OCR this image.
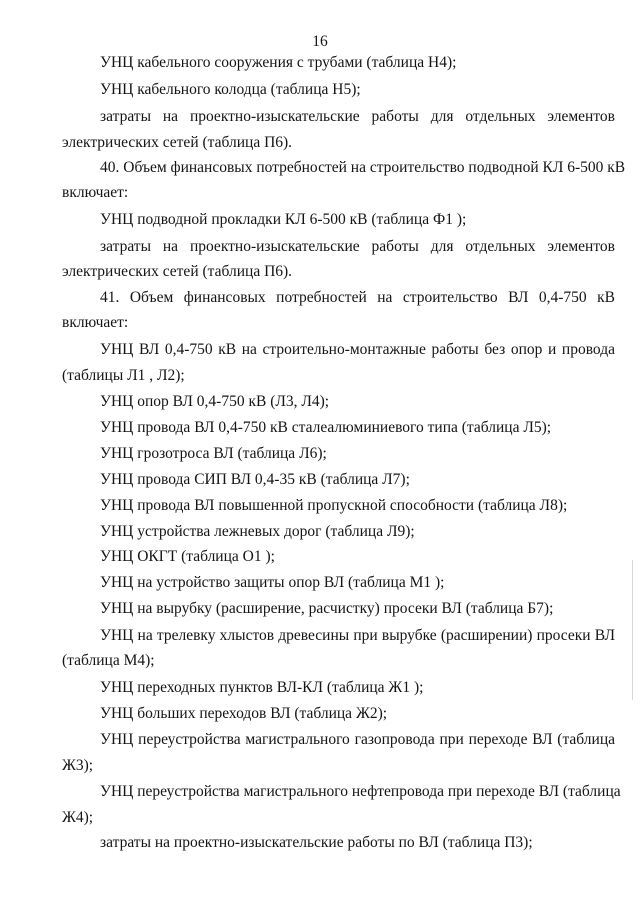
16
УНЦ кабельного сооружения с трубами (таблица Н4);
УНЦ кабельного колодца (таблица Н5);
затраты на проектно-изыскательские работы для отдельных элементов
электрических сетей (таблица П6).
40. Объем финансовых потребностей на строительство подводной КЛ 6-500 кВ
включает:
УНЦ подводной прокладки КЛ 6-500 кВ (таблица Ф1 );
затраты на проектно-изыскательские работы для отдельных элементов
электрических сетей (таблица П6).
41. Объем финансовых потребностей на строительство ВЛ 0,4-750 кВ
включает:
УНЦ ВЛ 0,4-750 кВ на строительно-монтажные работы без опор и провода
(таблицы Л1 , Л2);
УНЦ опор ВЛ 0,4-750 кВ (Л3, Л4);
УНЦ провода ВЛ 0,4-750 кВ сталеалюминиевого типа (таблица Л5);
УНЦ грозотроса ВЛ (таблица Л6);
УНЦ провода СИП ВЛ 0,4-35 кВ (таблица Л7);
УНЦ провода ВЛ повышенной пропускной способности (таблица Л8);
УНЦ устройства лежневых дорог (таблица Л9);
УНЦ ОКГТ (таблица О1 );
УНЦ на устройство защиты опор ВЛ (таблица М1 );
УНЦ на вырубку (расширение, расчистку) просеки ВЛ (таблица Б7);
УНЦ на трелевку хлыстов древесины при вырубке (расширении) просеки ВЛ
(таблица М4);
УНЦ переходных пунктов ВЛ-КЛ (таблица Ж1 );
УНЦ больших переходов ВЛ (таблица Ж2);
УНЦ переустройства магистрального газопровода при переходе ВЛ (таблица
Ж3);
УНЦ переустройства магистрального нефтепровода при переходе ВЛ (таблица
Ж4);
затраты на проектно-изыскательские работы по ВЛ (таблица П3);
